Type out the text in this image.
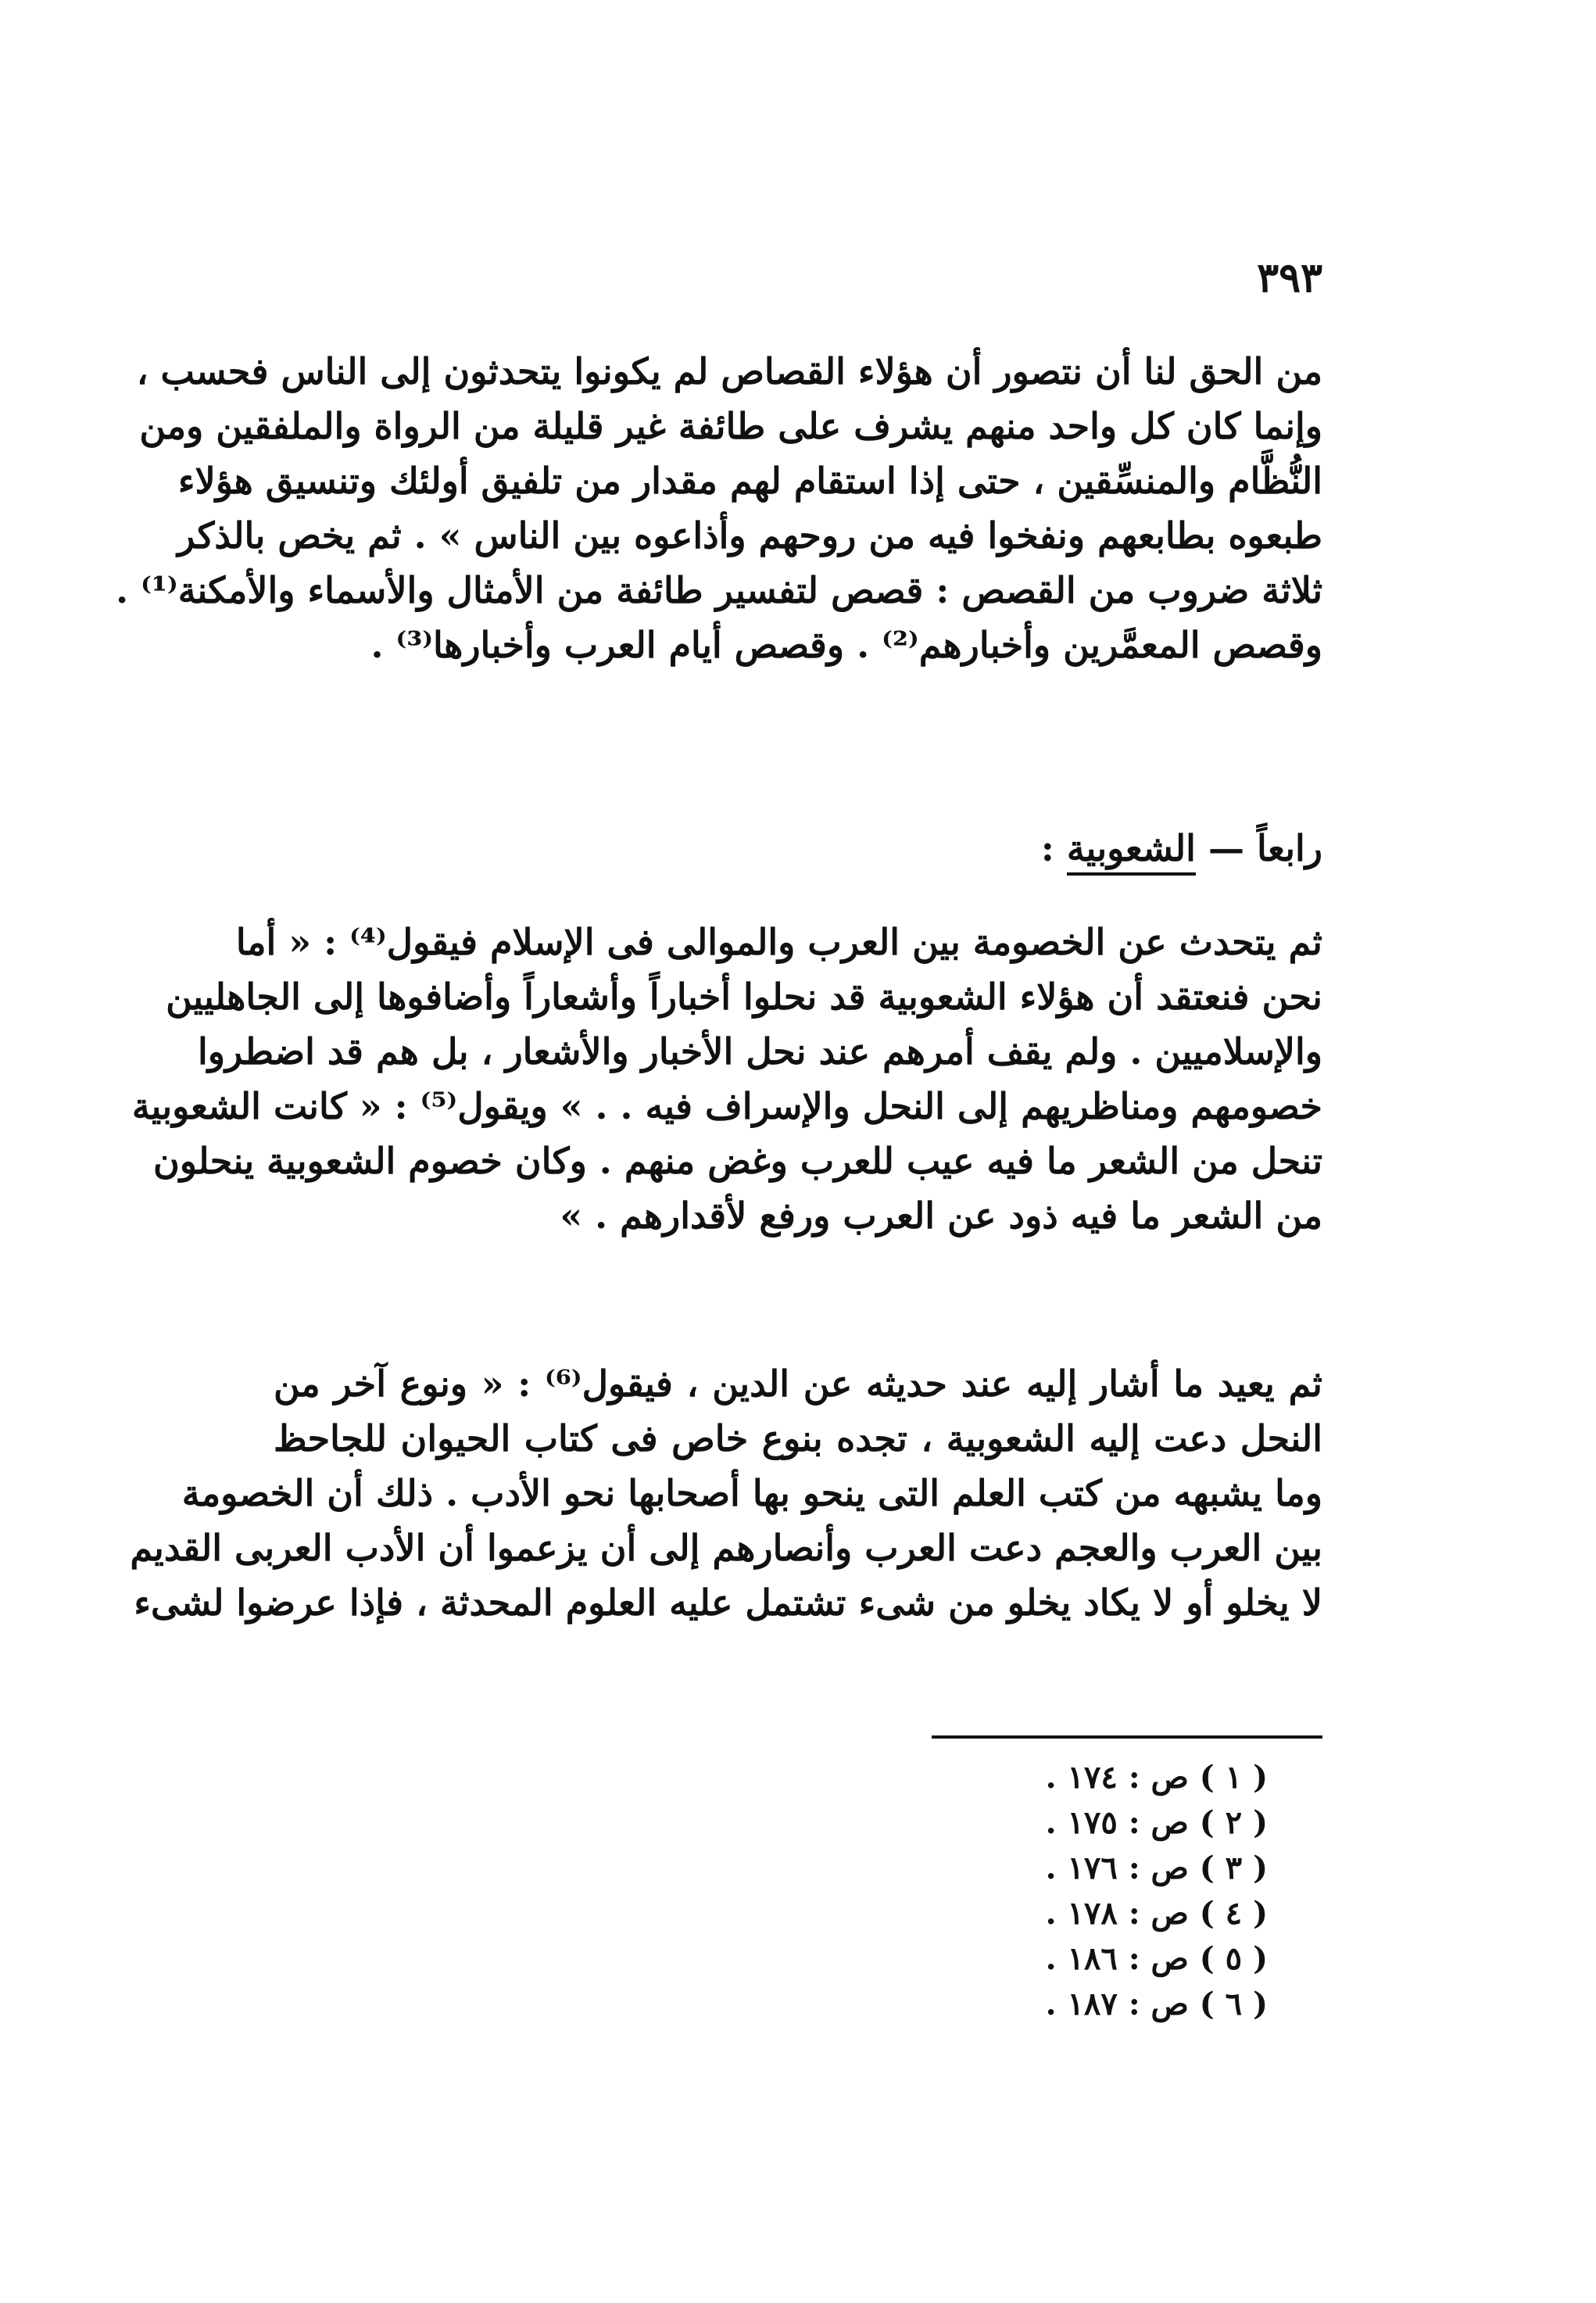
٣٩٣
من الحق لنا أن نتصور أن هؤلاء القصاص لم يكونوا يتحدثون إلى الناس فحسب ،
وإنما كان كل واحد منهم يشرف على طائفة غير قليلة من الرواة والملفقين ومن
النُّظَّام والمنسِّقين ، حتى إذا استقام لهم مقدار من تلفيق أولئك وتنسيق هؤلاء
طبعوه بطابعهم ونفخوا فيه من روحهم وأذاعوه بين الناس » . ثم يخص بالذكر
ثلاثة ضروب من القصص : قصص لتفسير طائفة من الأمثال والأسماء والأمكنة⁽¹⁾ .
وقصص المعمَّرين وأخبارهم⁽²⁾ . وقصص أيام العرب وأخبارها⁽³⁾ .
رابعاً — الشعوبية :
ثم يتحدث عن الخصومة بين العرب والموالى فى الإسلام فيقول⁽⁴⁾ : « أما
نحن فنعتقد أن هؤلاء الشعوبية قد نحلوا أخباراً وأشعاراً وأضافوها إلى الجاهليين
والإسلاميين . ولم يقف أمرهم عند نحل الأخبار والأشعار ، بل هم قد اضطروا
خصومهم ومناظريهم إلى النحل والإسراف فيه . . » ويقول⁽⁵⁾ : « كانت الشعوبية
تنحل من الشعر ما فيه عيب للعرب وغض منهم . وكان خصوم الشعوبية ينحلون
من الشعر ما فيه ذود عن العرب ورفع لأقدارهم . »
ثم يعيد ما أشار إليه عند حديثه عن الدين ، فيقول⁽⁶⁾ : « ونوع آخر من
النحل دعت إليه الشعوبية ، تجده بنوع خاص فى كتاب الحيوان للجاحظ
وما يشبهه من كتب العلم التى ينحو بها أصحابها نحو الأدب . ذلك أن الخصومة
بين العرب والعجم دعت العرب وأنصارهم إلى أن يزعموا أن الأدب العربى القديم
لا يخلو أو لا يكاد يخلو من شىء تشتمل عليه العلوم المحدثة ، فإذا عرضوا لشىء
( ١ ) ص : ١٧٤ .
( ٢ ) ص : ١٧٥ .
( ٣ ) ص : ١٧٦ .
( ٤ ) ص : ١٧٨ .
( ٥ ) ص : ١٨٦ .
( ٦ ) ص : ١٨٧ .
